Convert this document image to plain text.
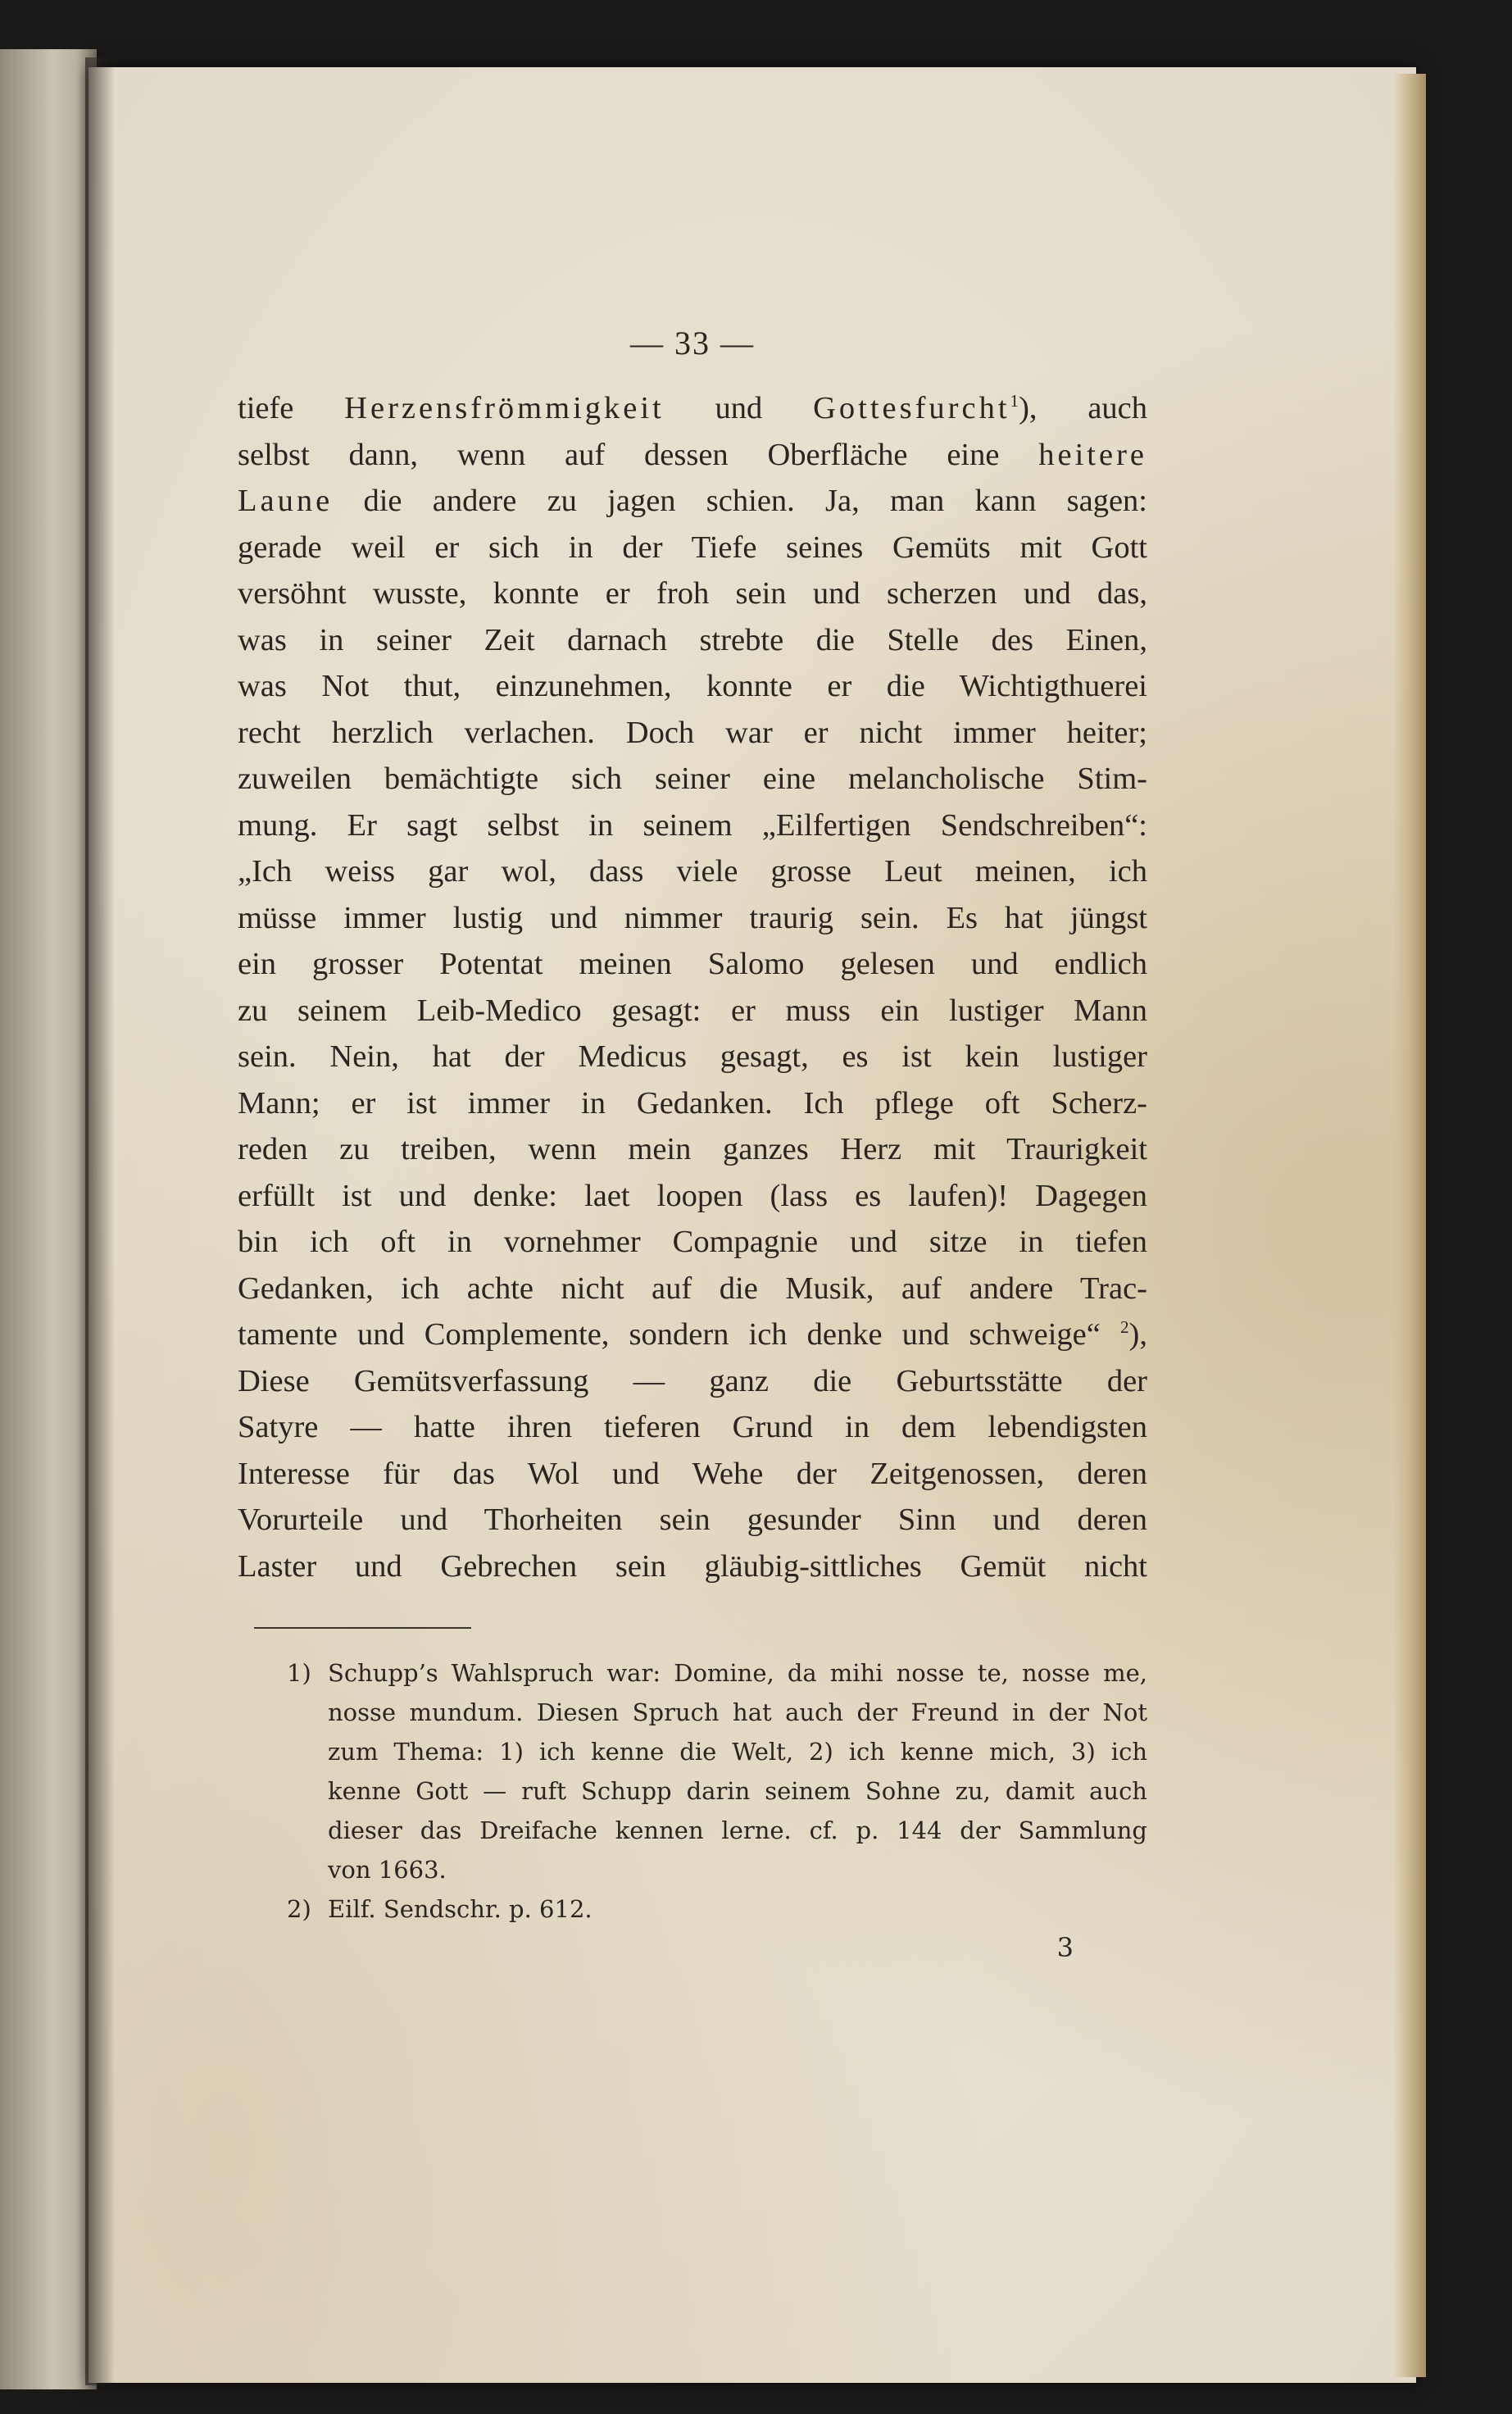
— 33 —
tiefe Herzensfrömmigkeit und Gottesfurcht$^1$), auch
selbst dann, wenn auf dessen Oberfläche eine heitere
Laune die andere zu jagen schien. Ja, man kann sagen:
gerade weil er sich in der Tiefe seines Gemüts mit Gott
versöhnt wusste, konnte er froh sein und scherzen und das,
was in seiner Zeit darnach strebte die Stelle des Einen,
was Not thut, einzunehmen, konnte er die Wichtigthuerei
recht herzlich verlachen. Doch war er nicht immer heiter;
zuweilen bemächtigte sich seiner eine melancholische Stim-
mung. Er sagt selbst in seinem „Eilfertigen Sendschreiben“:
„Ich weiss gar wol, dass viele grosse Leut meinen, ich
müsse immer lustig und nimmer traurig sein. Es hat jüngst
ein grosser Potentat meinen Salomo gelesen und endlich
zu seinem Leib-Medico gesagt: er muss ein lustiger Mann
sein. Nein, hat der Medicus gesagt, es ist kein lustiger
Mann; er ist immer in Gedanken. Ich pflege oft Scherz-
reden zu treiben, wenn mein ganzes Herz mit Traurigkeit
erfüllt ist und denke: laet loopen (lass es laufen)! Dagegen
bin ich oft in vornehmer Compagnie und sitze in tiefen
Gedanken, ich achte nicht auf die Musik, auf andere Trac-
tamente und Complemente, sondern ich denke und schweige“ $^2$),
Diese Gemütsverfassung — ganz die Geburtsstätte der
Satyre — hatte ihren tieferen Grund in dem lebendigsten
Interesse für das Wol und Wehe der Zeitgenossen, deren
Vorurteile und Thorheiten sein gesunder Sinn und deren
Laster und Gebrechen sein gläubig-sittliches Gemüt nicht
1) Schupp’s Wahlspruch war: Domine, da mihi nosse te, nosse me,
nosse mundum. Diesen Spruch hat auch der Freund in der Not
zum Thema: 1) ich kenne die Welt, 2) ich kenne mich, 3) ich
kenne Gott — ruft Schupp darin seinem Sohne zu, damit auch
dieser das Dreifache kennen lerne. cf. p. 144 der Sammlung
von 1663.
2) Eilf. Sendschr. p. 612.
3
